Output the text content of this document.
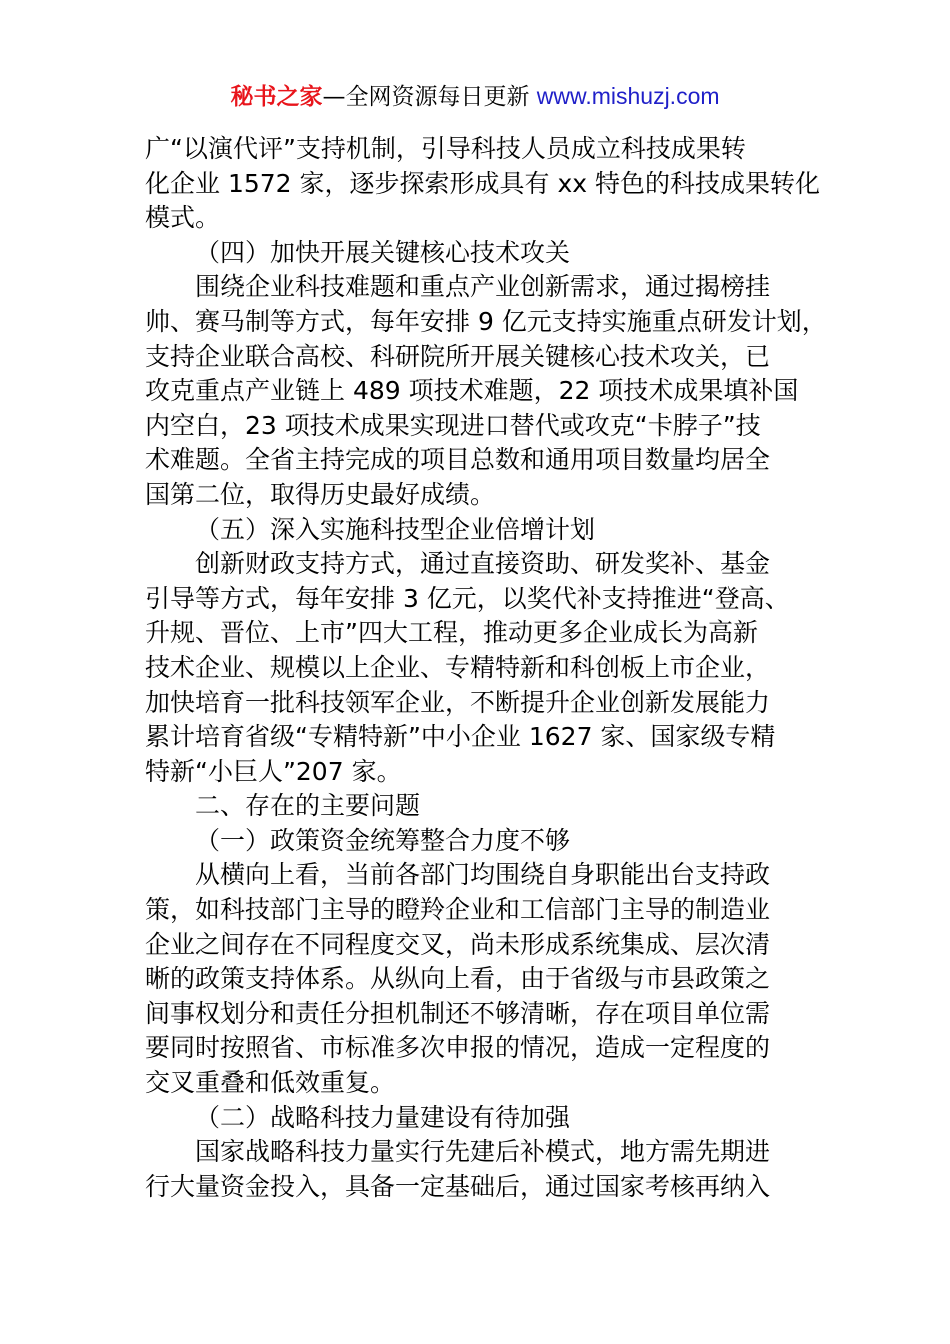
秘书之家—全网资源每日更新 www.mishuzj.com
广“以演代评”支持机制，引导科技人员成立科技成果转
化企业 1572 家，逐步探索形成具有 xx 特色的科技成果转化
模式。
（四）加快开展关键核心技术攻关
围绕企业科技难题和重点产业创新需求，通过揭榜挂
帅、赛马制等方式，每年安排 9 亿元支持实施重点研发计划，
支持企业联合高校、科研院所开展关键核心技术攻关，已
攻克重点产业链上 489 项技术难题，22 项技术成果填补国
内空白，23 项技术成果实现进口替代或攻克“卡脖子”技
术难题。全省主持完成的项目总数和通用项目数量均居全
国第二位，取得历史最好成绩。
（五）深入实施科技型企业倍增计划
创新财政支持方式，通过直接资助、研发奖补、基金
引导等方式，每年安排 3 亿元，以奖代补支持推进“登高、
升规、晋位、上市”四大工程，推动更多企业成长为高新
技术企业、规模以上企业、专精特新和科创板上市企业，
加快培育一批科技领军企业，不断提升企业创新发展能力
累计培育省级“专精特新”中小企业 1627 家、国家级专精
特新“小巨人”207 家。
二、存在的主要问题
（一）政策资金统筹整合力度不够
从横向上看，当前各部门均围绕自身职能出台支持政
策，如科技部门主导的瞪羚企业和工信部门主导的制造业
企业之间存在不同程度交叉，尚未形成系统集成、层次清
晰的政策支持体系。从纵向上看，由于省级与市县政策之
间事权划分和责任分担机制还不够清晰，存在项目单位需
要同时按照省、市标准多次申报的情况，造成一定程度的
交叉重叠和低效重复。
（二）战略科技力量建设有待加强
国家战略科技力量实行先建后补模式，地方需先期进
行大量资金投入，具备一定基础后，通过国家考核再纳入
